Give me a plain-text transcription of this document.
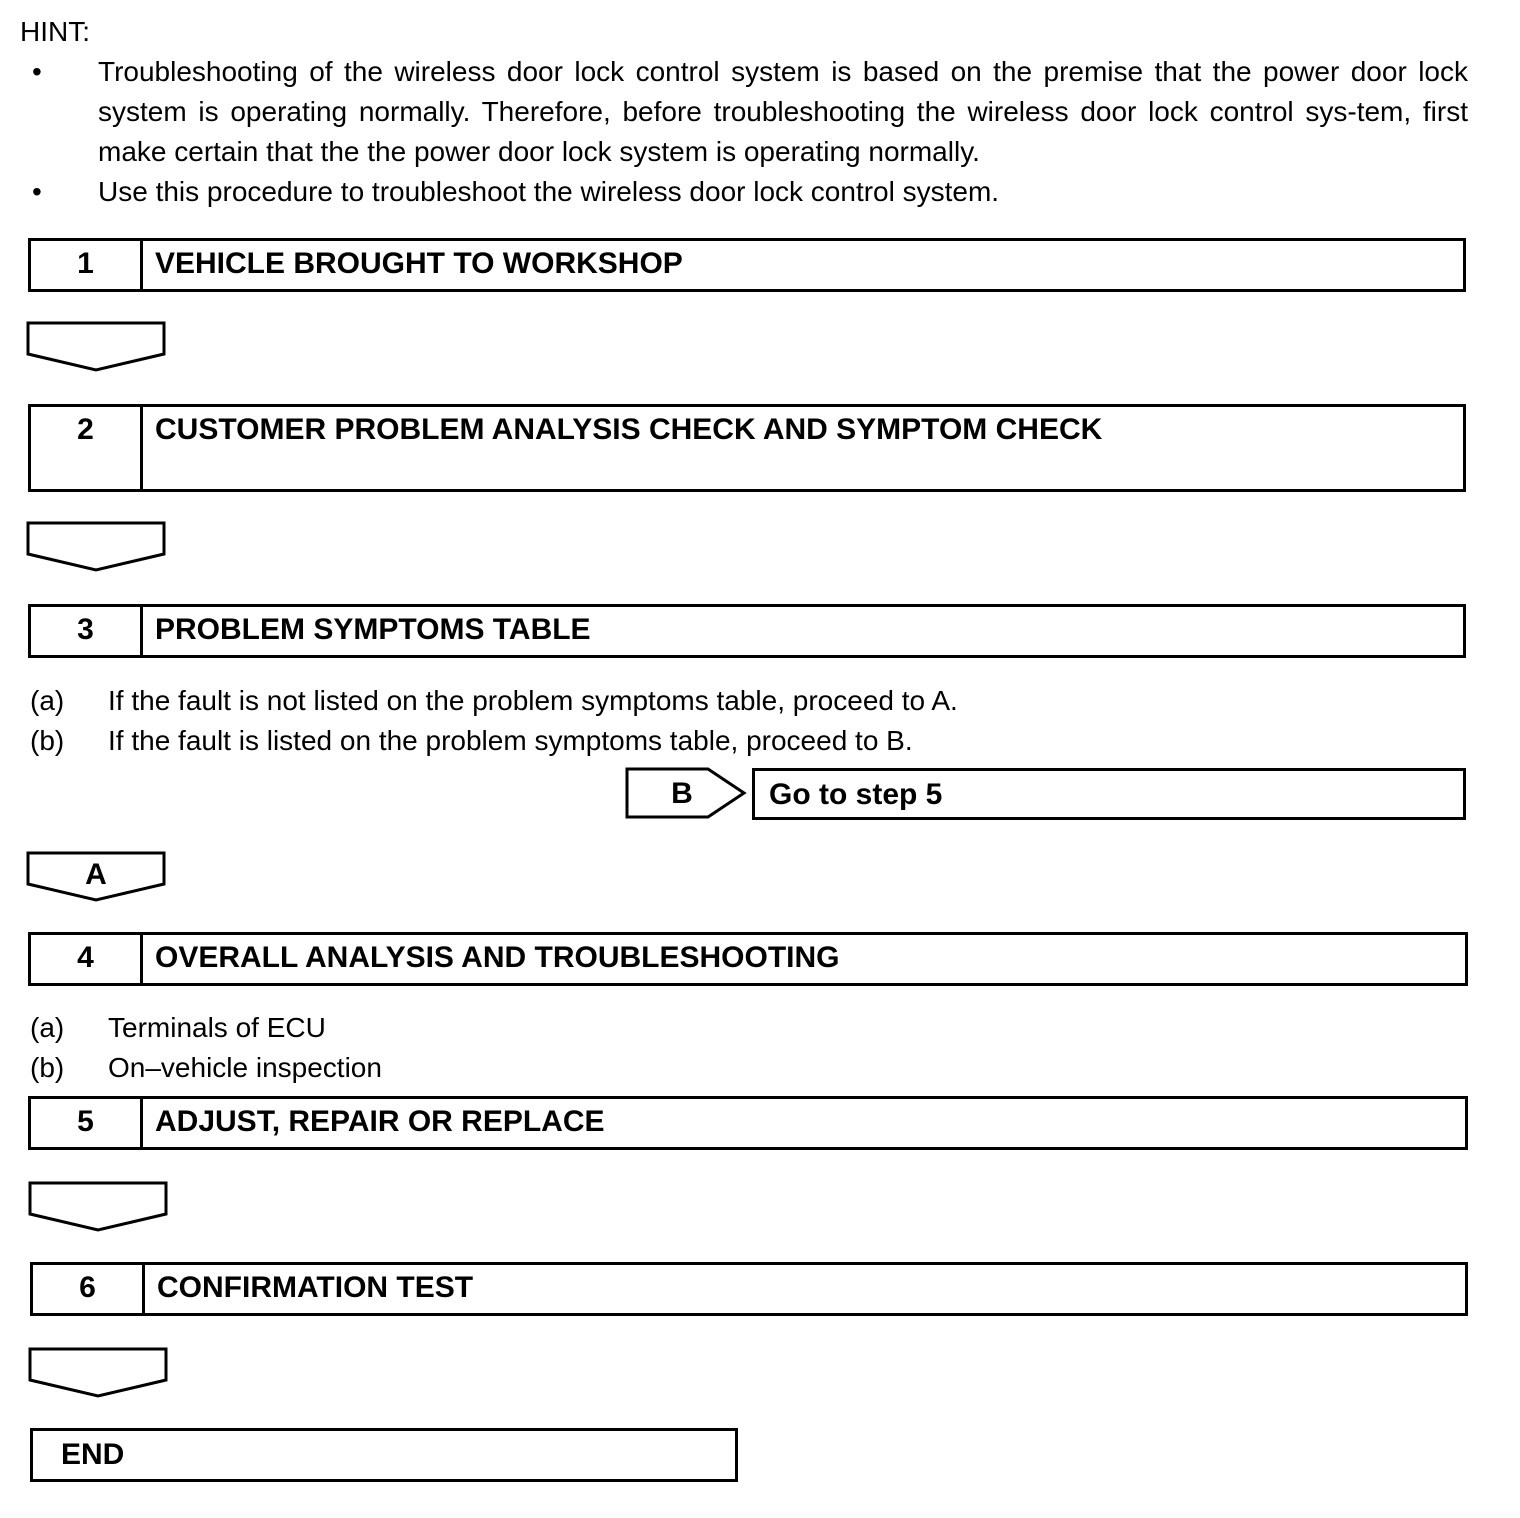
HINT:
• Troubleshooting of the wireless door lock control system is based on the premise that the power door lock system is operating normally. Therefore, before troubleshooting the wireless door lock control sys-tem, first make certain that the the power door lock system is operating normally.
• Use this procedure to troubleshoot the wireless door lock control system.
1	VEHICLE BROUGHT TO WORKSHOP
2	CUSTOMER PROBLEM ANALYSIS CHECK AND SYMPTOM CHECK
3	PROBLEM SYMPTOMS TABLE
(a) If the fault is not listed on the problem symptoms table, proceed to A.
(b) If the fault is listed on the problem symptoms table, proceed to B.
B	Go to step 5
A
4	OVERALL ANALYSIS AND TROUBLESHOOTING
(a) Terminals of ECU
(b) On–vehicle inspection
5	ADJUST, REPAIR OR REPLACE
6	CONFIRMATION TEST
END
